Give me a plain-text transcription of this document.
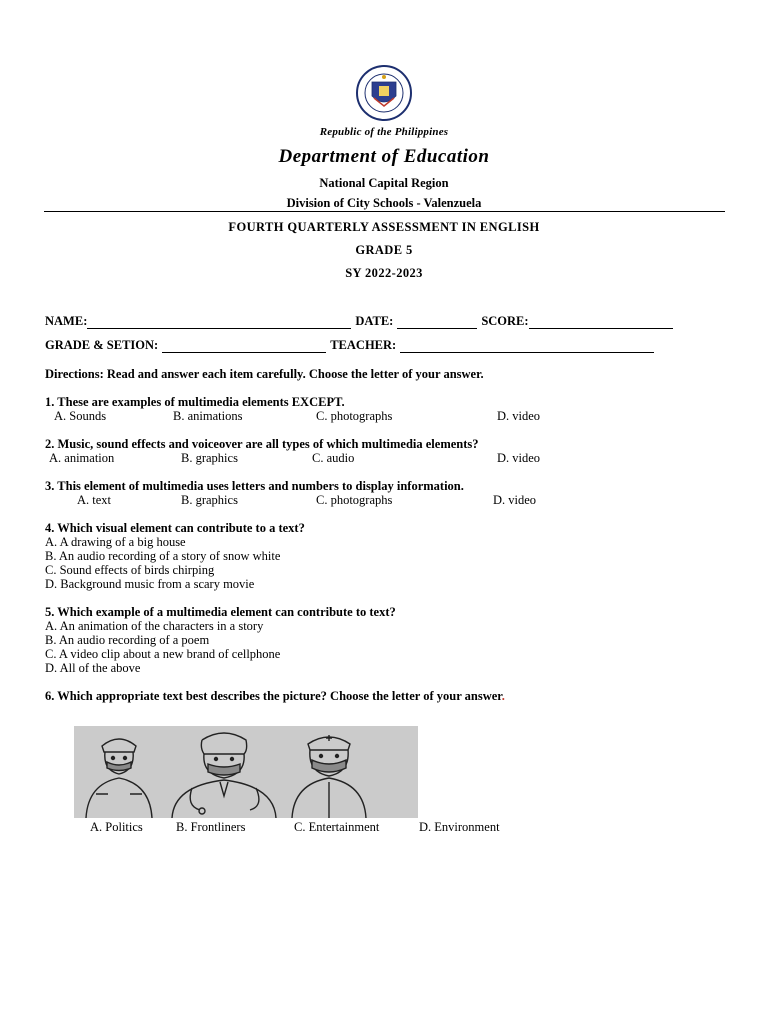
Republic of the Philippines
Department of Education
National Capital Region
Division of City Schools - Valenzuela
FOURTH QUARTERLY ASSESSMENT IN ENGLISH
GRADE 5
SY 2022-2023
NAME:	DATE:	SCORE:
GRADE & SETION:	TEACHER:
Directions: Read and answer each item carefully. Choose the letter of your answer.
1. These are examples of multimedia elements EXCEPT.
A. Sounds	B. animations	C. photographs	D. video
2. Music, sound effects and voiceover are all types of which multimedia elements?
A. animation	B. graphics	C. audio	D. video
3. This element of multimedia uses letters and numbers to display information.
A. text	B. graphics	C. photographs	D. video
4. Which visual element can contribute to a text?
A. A drawing of a big house
B. An audio recording of a story of snow white
C. Sound effects of birds chirping
D. Background music from a scary movie
5. Which example of a multimedia element can contribute to text?
A. An animation of the characters in a story
B. An audio recording of a poem
C. A video clip about a new brand of cellphone
D. All of the above
6. Which appropriate text best describes the picture? Choose the letter of your answer.
A. Politics	B. Frontliners	C. Entertainment	D. Environment
